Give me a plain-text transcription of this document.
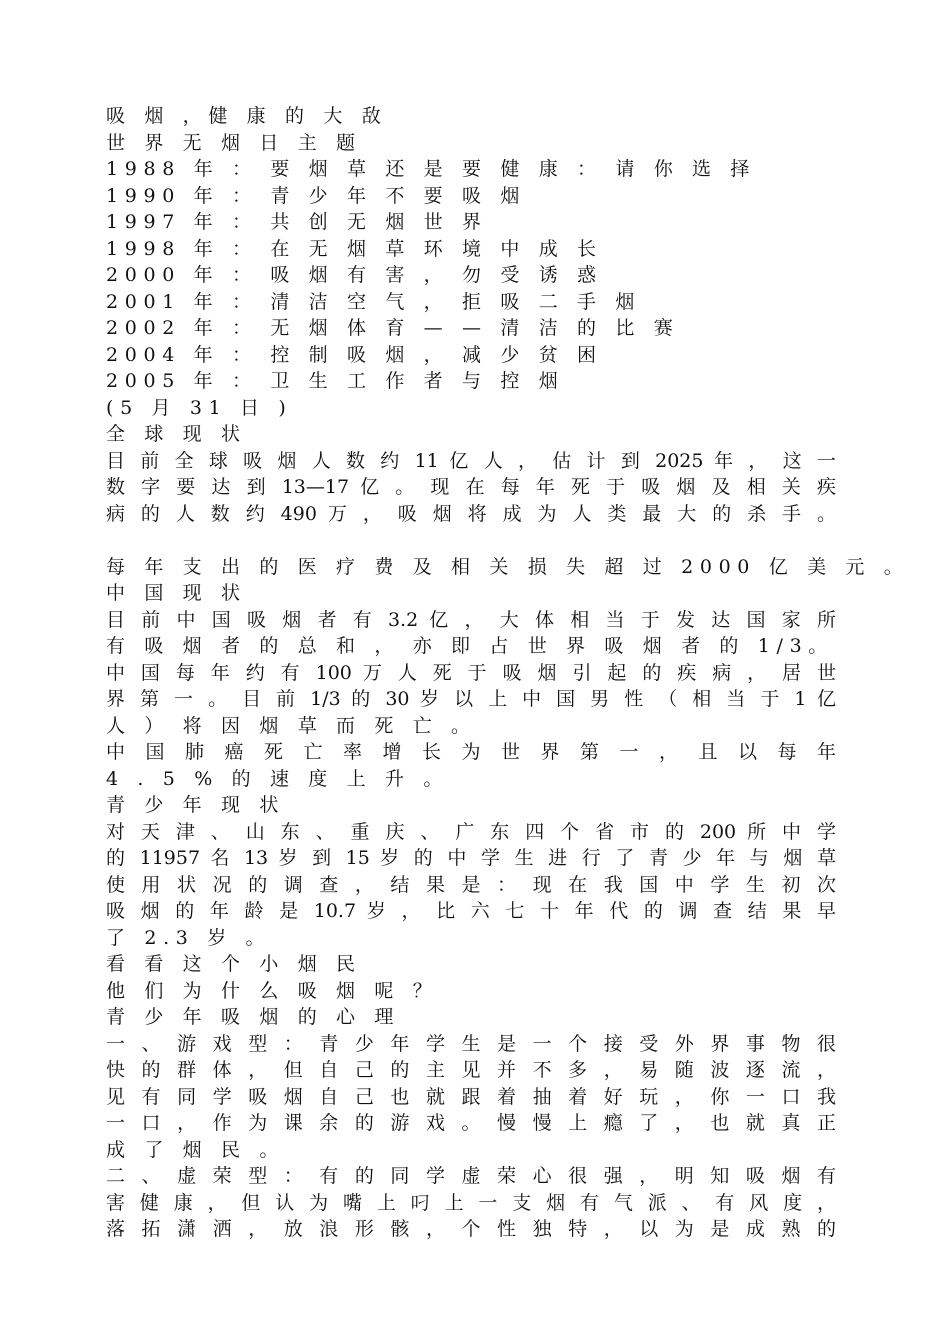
吸 烟 ，健 康 的 大 敌
世 界 无 烟 日 主 题
1988 年 ： 要 烟 草 还 是 要 健 康 ： 请 你 选 择
1990 年 ： 青 少 年 不 要 吸 烟
1997 年 ： 共 创 无 烟 世 界
1998 年 ： 在 无 烟 草 环 境 中 成 长
2000 年 ： 吸 烟 有 害 ， 勿 受 诱 惑
2001 年 ： 清 洁 空 气 ， 拒 吸 二 手 烟
2002 年 ： 无 烟 体 育 — — 清 洁 的 比 赛
2004 年 ： 控 制 吸 烟 ， 减 少 贫 困
2005 年 ： 卫 生 工 作 者 与 控 烟
(5 月 31 日 )
全 球 现 状
目 前 全 球 吸 烟 人 数 约 11 亿 人 ， 估 计 到 2025 年 ， 这 一
数 字 要 达 到 13—17 亿 。 现 在 每 年 死 于 吸 烟 及 相 关 疾
病 的 人 数 约 490 万 ， 吸 烟 将 成 为 人 类 最 大 的 杀 手 。
每 年 支 出 的 医 疗 费 及 相 关 损 失 超 过 2000 亿 美 元 。
中 国 现 状
目 前 中 国 吸 烟 者 有 3.2 亿 ， 大 体 相 当 于 发 达 国 家 所
有 吸 烟 者 的 总 和 ， 亦 即 占 世 界 吸 烟 者 的 1/3。
中 国 每 年 约 有 100 万 人 死 于 吸 烟 引 起 的 疾 病 ， 居 世
界 第 一 。 目 前 1/3 的 30 岁 以 上 中 国 男 性 （ 相 当 于 1 亿
人 ） 将 因 烟 草 而 死 亡 。
中 国 肺 癌 死 亡 率 增 长 为 世 界 第 一 ， 且 以 每 年
4 . 5 % 的 速 度 上 升 。
青 少 年 现 状
对 天 津 、 山 东 、 重 庆 、 广 东 四 个 省 市 的 200 所 中 学
的 11957 名 13 岁 到 15 岁 的 中 学 生 进 行 了 青 少 年 与 烟 草
使 用 状 况 的 调 查 ， 结 果 是 ： 现 在 我 国 中 学 生 初 次
吸 烟 的 年 龄 是 10.7 岁 ， 比 六 七 十 年 代 的 调 查 结 果 早
了 2.3 岁 。
看 看 这 个 小 烟 民
他 们 为 什 么 吸 烟 呢 ？
青 少 年 吸 烟 的 心 理
一 、 游 戏 型 ： 青 少 年 学 生 是 一 个 接 受 外 界 事 物 很
快 的 群 体 ， 但 自 己 的 主 见 并 不 多 ， 易 随 波 逐 流 ，
见 有 同 学 吸 烟 自 己 也 就 跟 着 抽 着 好 玩 ， 你 一 口 我
一 口 ， 作 为 课 余 的 游 戏 。 慢 慢 上 瘾 了 ， 也 就 真 正
成 了 烟 民 。
二 、 虚 荣 型 ： 有 的 同 学 虚 荣 心 很 强 ， 明 知 吸 烟 有
害 健 康 ， 但 认 为 嘴 上 叼 上 一 支 烟 有 气 派 、 有 风 度 ，
落 拓 潇 洒 ， 放 浪 形 骸 ， 个 性 独 特 ， 以 为 是 成 熟 的
